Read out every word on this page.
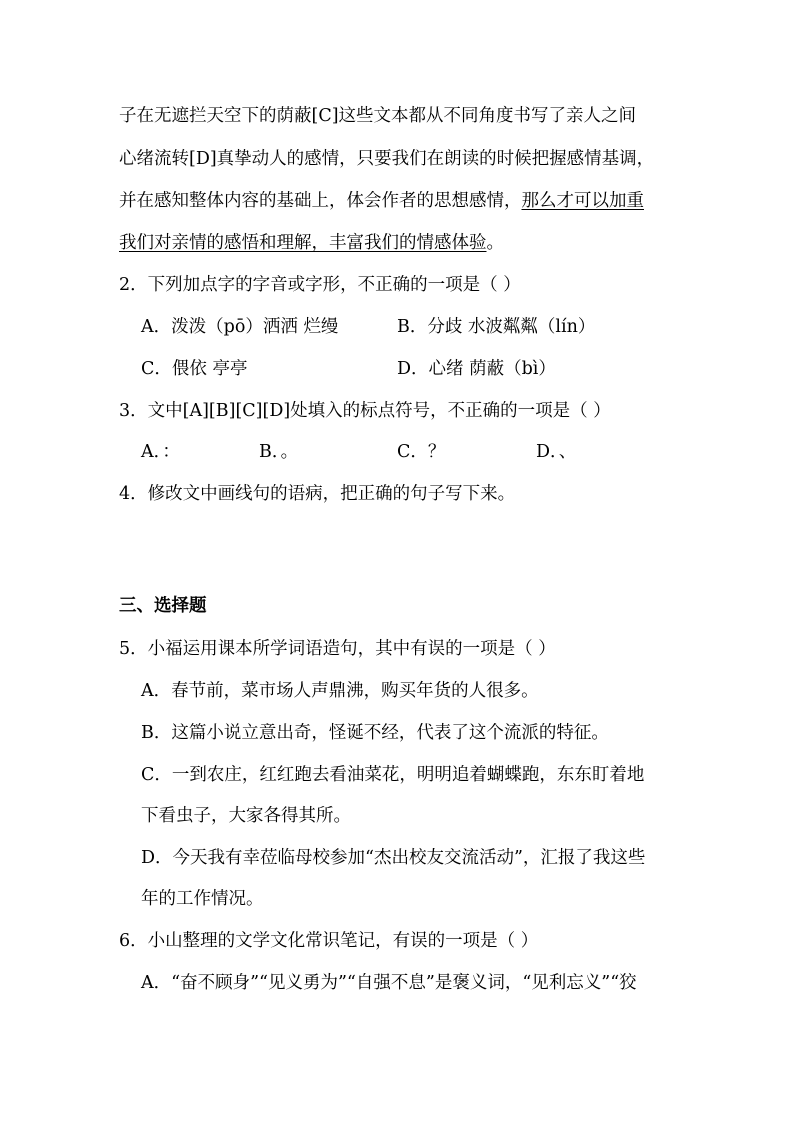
子在无遮拦天空下的荫蔽[C]这些文本都从不同角度书写了亲人之间
心绪流转[D]真挚动人的感情，只要我们在朗读的时候把握感情基调，
并在感知整体内容的基础上，体会作者的思想感情，那么才可以加重
我们对亲情的感悟和理解，丰富我们的情感体验。
2．下列加点字的字音或字形，不正确的一项是（ ）
A．泼泼（pō）洒洒 烂缦	B．分歧 水波粼粼（lín）
C．偎依 亭亭	D．心绪 荫蔽（bì）
3．文中[A][B][C][D]处填入的标点符号，不正确的一项是（ ）
A．：	B．。	C．？	D．、
4．修改文中画线句的语病，把正确的句子写下来。
三、选择题
5．小福运用课本所学词语造句，其中有误的一项是（ ）
A．春节前，菜市场人声鼎沸，购买年货的人很多。
B．这篇小说立意出奇，怪诞不经，代表了这个流派的特征。
C．一到农庄，红红跑去看油菜花，明明追着蝴蝶跑，东东盯着地
下看虫子，大家各得其所。
D．今天我有幸莅临母校参加“杰出校友交流活动”，汇报了我这些
年的工作情况。
6．小山整理的文学文化常识笔记，有误的一项是（ ）
A．“奋不顾身”“见义勇为”“自强不息”是褒义词，“见利忘义”“狡
